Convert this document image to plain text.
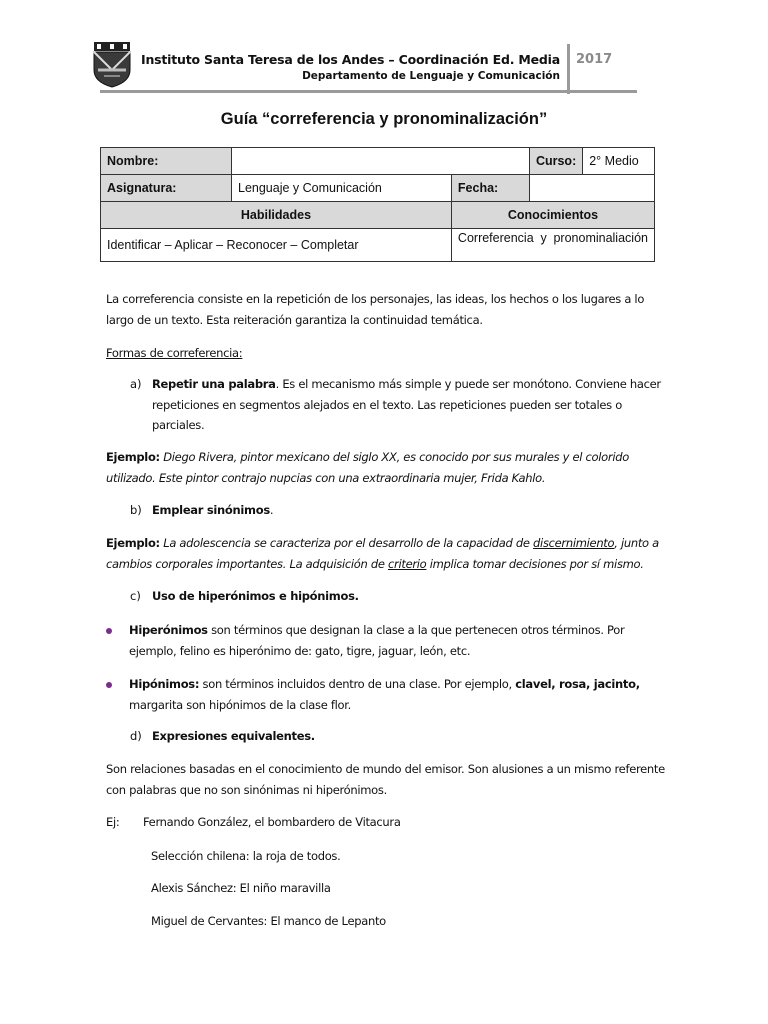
Instituto Santa Teresa de los Andes – Coordinación Ed. Media
Departamento de Lenguaje y Comunicación
2017
Guía “correferencia y pronominalización”
Nombre:			Curso:	2° Medio
Asignatura:	Lenguaje y Comunicación	Fecha:		
Habilidades		Conocimientos		
Identificar – Aplicar – Reconocer – Completar		Correferencia y pronominaliación		
La correferencia consiste en la repetición de los personajes, las ideas, los hechos o los lugares a lo largo de un texto. Esta reiteración garantiza la continuidad temática.
Formas de correferencia:
a) Repetir una palabra. Es el mecanismo más simple y puede ser monótono. Conviene hacer repeticiones en segmentos alejados en el texto. Las repeticiones pueden ser totales o parciales.
Ejemplo: Diego Rivera, pintor mexicano del siglo XX, es conocido por sus murales y el colorido utilizado. Este pintor contrajo nupcias con una extraordinaria mujer, Frida Kahlo.
b) Emplear sinónimos.
Ejemplo: La adolescencia se caracteriza por el desarrollo de la capacidad de discernimiento, junto a cambios corporales importantes. La adquisición de criterio implica tomar decisiones por sí mismo.
c) Uso de hiperónimos e hipónimos.
Hiperónimos son términos que designan la clase a la que pertenecen otros términos. Por ejemplo, felino es hiperónimo de: gato, tigre, jaguar, león, etc.
Hipónimos: son términos incluidos dentro de una clase. Por ejemplo, clavel, rosa, jacinto,
margarita son hipónimos de la clase flor.
d) Expresiones equivalentes.
Son relaciones basadas en el conocimiento de mundo del emisor. Son alusiones a un mismo referente con palabras que no son sinónimas ni hiperónimos.
Ej:	Fernando González, el bombardero de Vitacura
Selección chilena: la roja de todos.
Alexis Sánchez: El niño maravilla
Miguel de Cervantes: El manco de Lepanto
